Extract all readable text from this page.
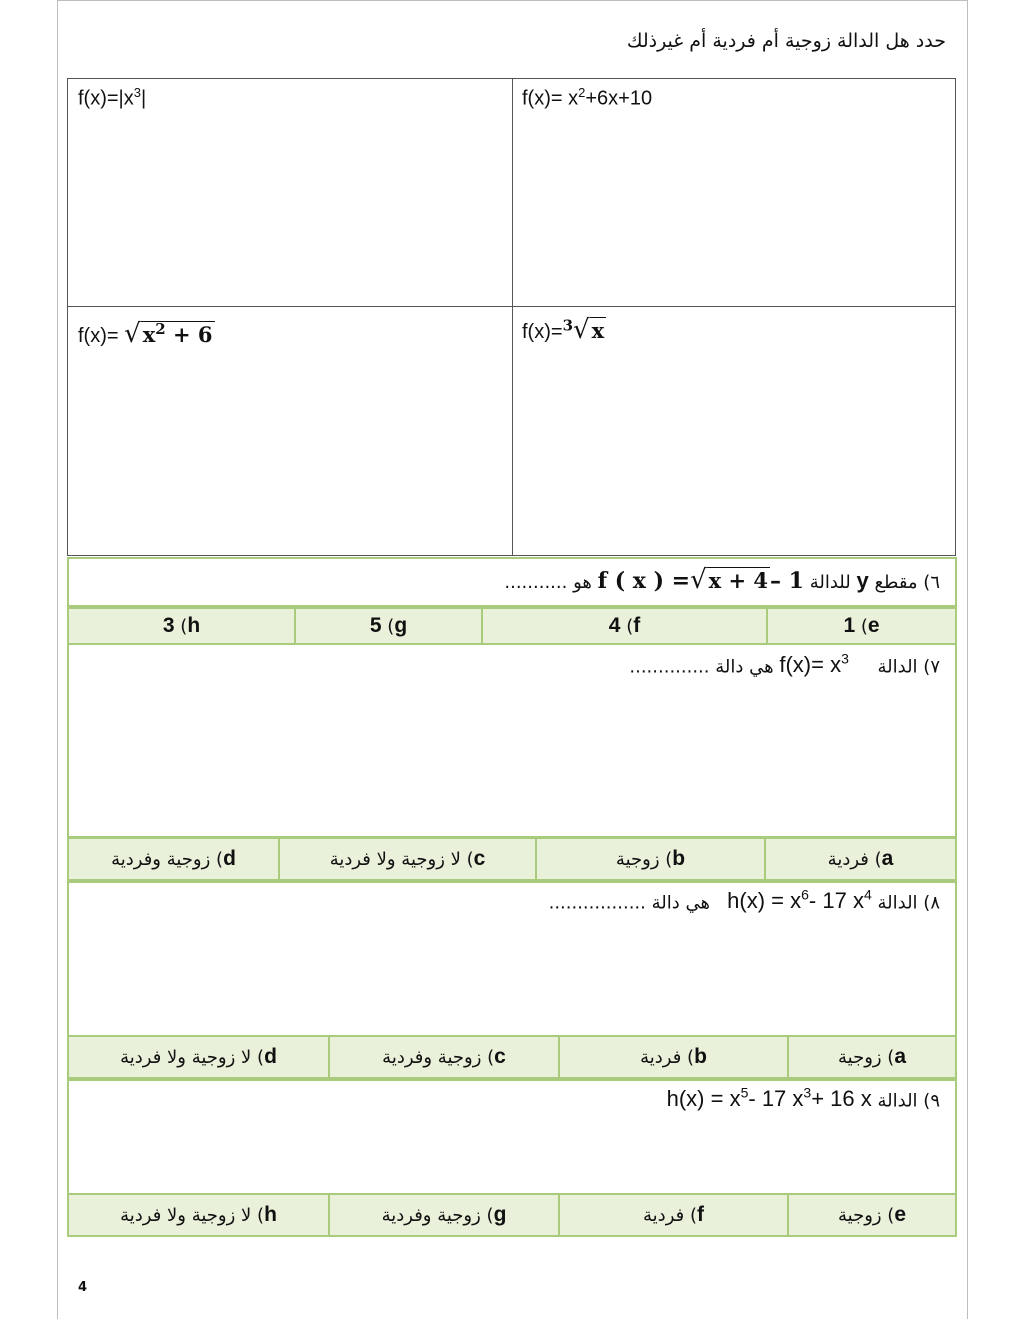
حدد هل الدالة زوجية أم فردية أم غيرذلك
$f(x)= x^2+6x+10$
$f(x)=|x^3|$
f(x)=$^3$√x
$f(x)= √x^2 + 6$
٦) مقطع y للدالة f ( x ) =√x + 4– 1 هو ...........
e
)
1
f
)
4
g
)
5
h
)
3
٧) الدالة     $f(x)= x^3$ هي دالة ..............
a
)
فردية
b
)
زوجية
c
)
لا زوجية ولا فردية
d
)
زوجية وفردية
٨) الدالة $h(x) = x^6-$ 17 $x^4$   هي دالة .................
a
)
زوجية
b
)
فردية
c
)
زوجية وفردية
d
)
لا زوجية ولا فردية
٩) الدالة $h(x) = x^5-$ 17 $x^3+ 16$ x
e
)
زوجية
f
)
فردية
g
)
زوجية وفردية
h
)
لا زوجية ولا فردية
4
